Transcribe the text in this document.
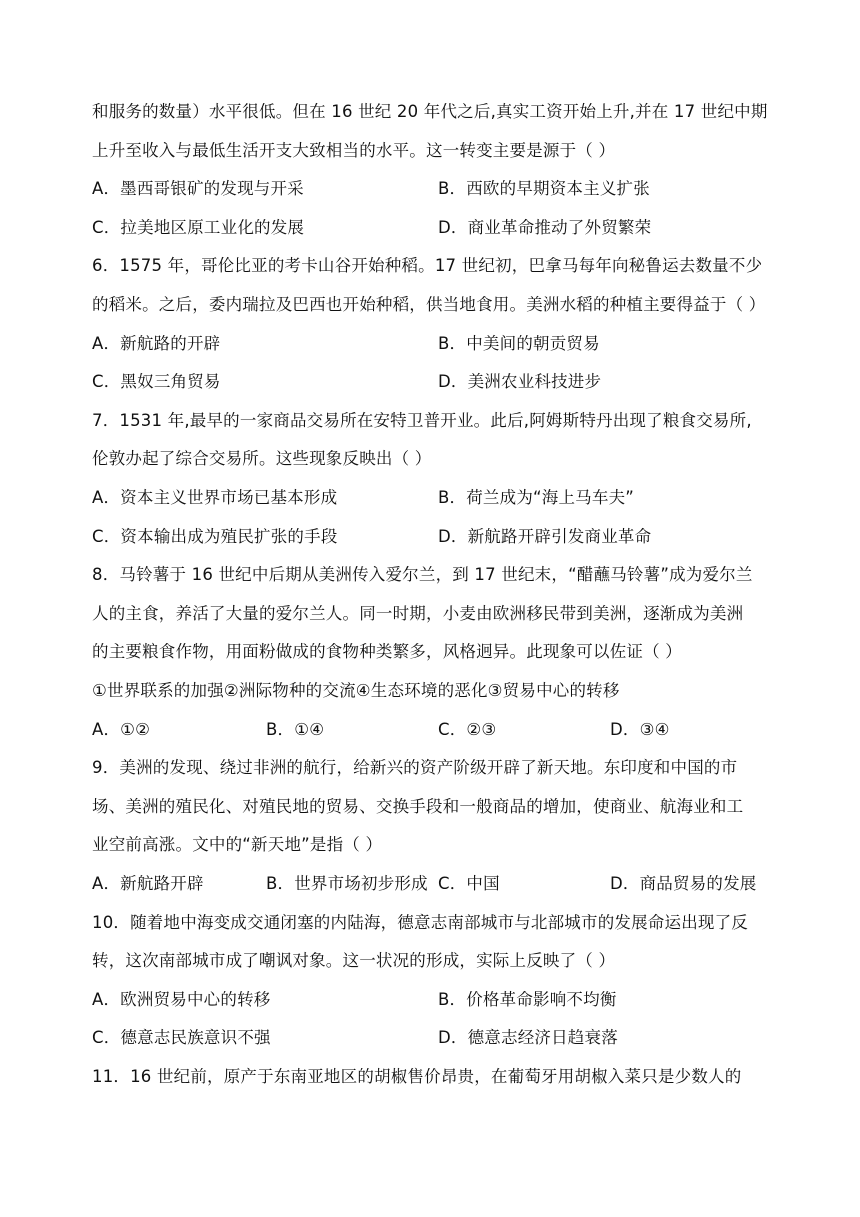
和服务的数量）水平很低。但在 16 世纪 20 年代之后,真实工资开始上升,并在 17 世纪中期
上升至收入与最低生活开支大致相当的水平。这一转变主要是源于（ ）
A．墨西哥银矿的发现与开采	B．西欧的早期资本主义扩张
C．拉美地区原工业化的发展	D．商业革命推动了外贸繁荣
6．1575 年，哥伦比亚的考卡山谷开始种稻。17 世纪初，巴拿马每年向秘鲁运去数量不少
的稻米。之后，委内瑞拉及巴西也开始种稻，供当地食用。美洲水稻的种植主要得益于（ ）
A．新航路的开辟	B．中美间的朝贡贸易
C．黑奴三角贸易	D．美洲农业科技进步
7．1531 年,最早的一家商品交易所在安特卫普开业。此后,阿姆斯特丹出现了粮食交易所,
伦敦办起了综合交易所。这些现象反映出（ ）
A．资本主义世界市场已基本形成	B．荷兰成为“海上马车夫”
C．资本输出成为殖民扩张的手段	D．新航路开辟引发商业革命
8．马铃薯于 16 世纪中后期从美洲传入爱尔兰，到 17 世纪末，“醋蘸马铃薯”成为爱尔兰
人的主食，养活了大量的爱尔兰人。同一时期，小麦由欧洲移民带到美洲，逐渐成为美洲
的主要粮食作物，用面粉做成的食物种类繁多，风格迥异。此现象可以佐证（ ）
①世界联系的加强②洲际物种的交流④生态环境的恶化③贸易中心的转移
A．①②	B．①④	C．②③	D．③④
9．美洲的发现、绕过非洲的航行，给新兴的资产阶级开辟了新天地。东印度和中国的市
场、美洲的殖民化、对殖民地的贸易、交换手段和一般商品的增加，使商业、航海业和工
业空前高涨。文中的“新天地”是指（ ）
A．新航路开辟	B．世界市场初步形成 C．中国	D．商品贸易的发展
10．随着地中海变成交通闭塞的内陆海，德意志南部城市与北部城市的发展命运出现了反
转，这次南部城市成了嘲讽对象。这一状况的形成，实际上反映了（ ）
A．欧洲贸易中心的转移	B．价格革命影响不均衡
C．德意志民族意识不强	D．德意志经济日趋衰落
11．16 世纪前，原产于东南亚地区的胡椒售价昂贵，在葡萄牙用胡椒入菜只是少数人的
